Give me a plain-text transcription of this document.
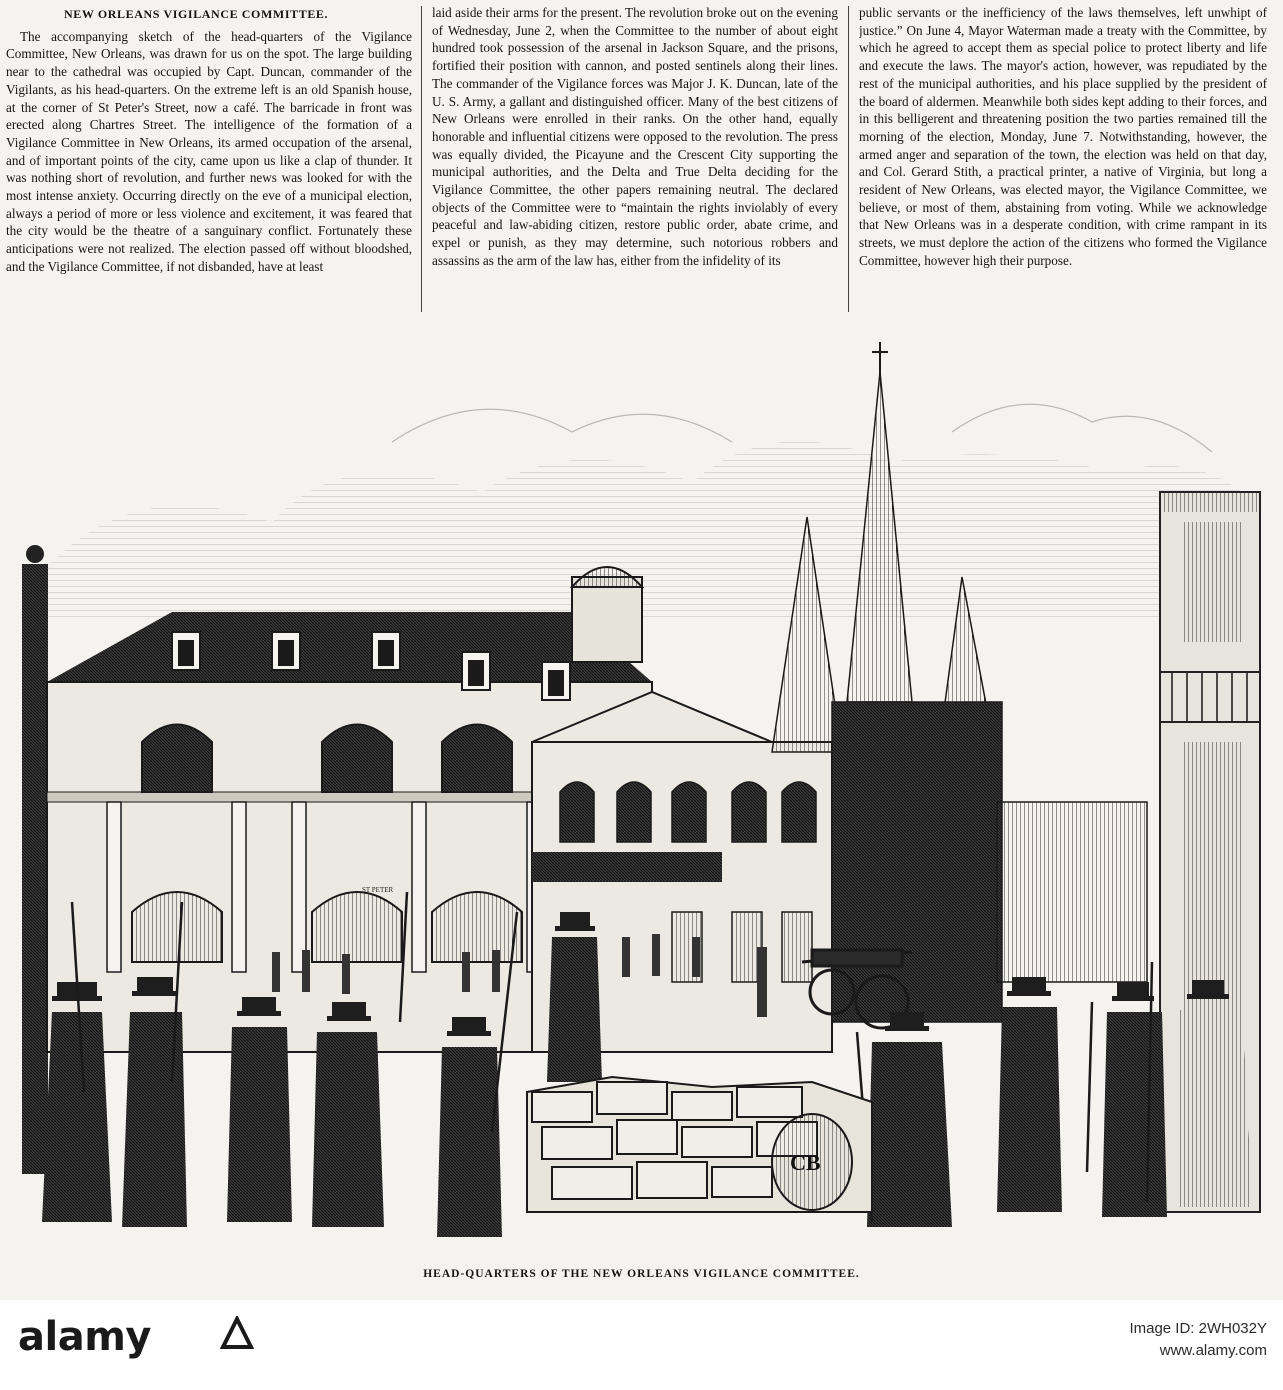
NEW ORLEANS VIGILANCE COMMITTEE.

The accompanying sketch of the head-quarters of the Vigilance Committee, New Orleans, was drawn for us on the spot. The large building near to the cathedral was occupied by Capt. Duncan, commander of the Vigilants, as his head-quarters. On the extreme left is an old Spanish house, at the corner of St Peter's Street, now a café. The barricade in front was erected along Chartres Street. The intelligence of the formation of a Vigilance Committee in New Orleans, its armed occupation of the arsenal, and of important points of the city, came upon us like a clap of thunder. It was nothing short of revolution, and further news was looked for with the most intense anxiety. Occurring directly on the eve of a municipal election, always a period of more or less violence and excitement, it was feared that the city would be the theatre of a sanguinary conflict. Fortunately these anticipations were not realized. The election passed off without bloodshed, and the Vigilance Committee, if not disbanded, have at least

laid aside their arms for the present. The revolution broke out on the evening of Wednesday, June 2, when the Committee to the number of about eight hundred took possession of the arsenal in Jackson Square, and the prisons, fortified their position with cannon, and posted sentinels along their lines. The commander of the Vigilance forces was Major J. K. Duncan, late of the U. S. Army, a gallant and distinguished officer. Many of the best citizens of New Orleans were enrolled in their ranks. On the other hand, equally honorable and influential citizens were opposed to the revolution. The press was equally divided, the Picayune and the Crescent City supporting the municipal authorities, and the Delta and True Delta deciding for the Vigilance Committee, the other papers remaining neutral. The declared objects of the Committee were to “maintain the rights inviolably of every peaceful and law-abiding citizen, restore public order, abate crime, and expel or punish, as they may determine, such notorious robbers and assassins as the arm of the law has, either from the infidelity of its

public servants or the inefficiency of the laws themselves, left unwhipt of justice.” On June 4, Mayor Waterman made a treaty with the Committee, by which he agreed to accept them as special police to protect liberty and life and execute the laws. The mayor's action, however, was repudiated by the rest of the municipal authorities, and his place supplied by the president of the board of aldermen. Meanwhile both sides kept adding to their forces, and in this belligerent and threatening position the two parties remained till the morning of the election, Monday, June 7. Notwithstanding, however, the armed anger and separation of the town, the election was held on that day, and Col. Gerard Stith, a practical printer, a native of Virginia, but long a resident of New Orleans, was elected mayor, the Vigilance Committee, we believe, or most of them, abstaining from voting. While we acknowledge that New Orleans was in a desperate condition, with crime rampant in its streets, we must deplore the action of the citizens who formed the Vigilance Committee, however high their purpose.

ST PETER
CB
HEAD-QUARTERS OF THE NEW ORLEANS VIGILANCE COMMITTEE.
alamy	Image ID: 2WH032Y
www.alamy.com
